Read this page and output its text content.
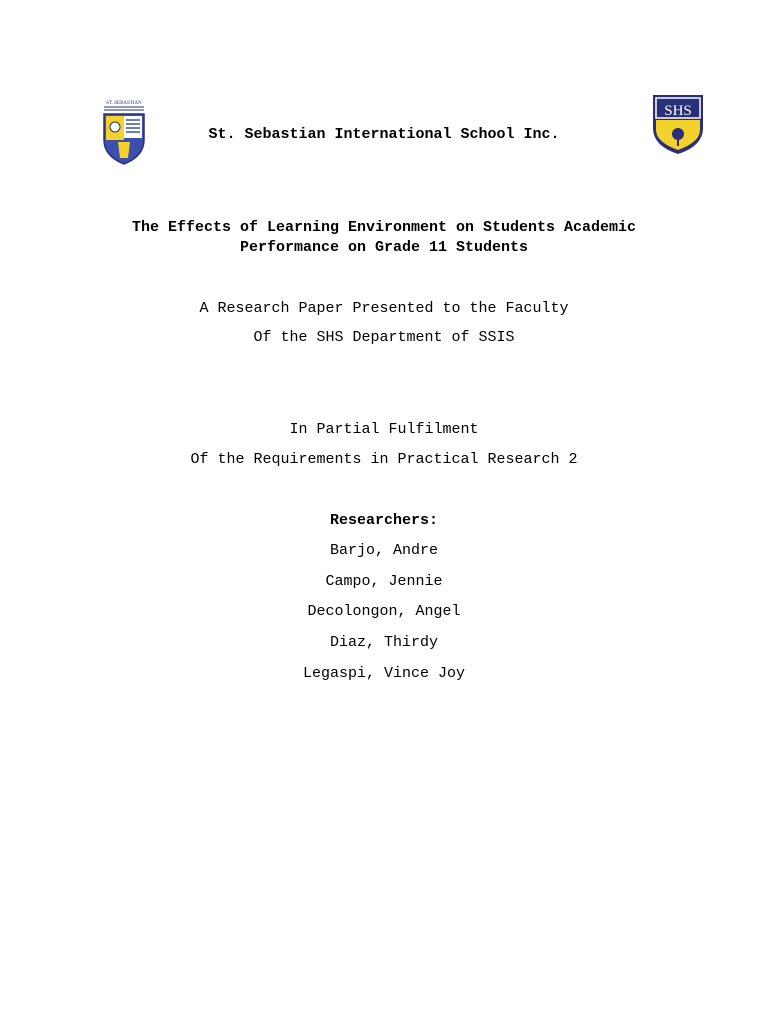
ST. SEBASTIAN
St. Sebastian International School Inc.
SHS
The Effects of Learning Environment on Students Academic Performance on Grade 11 Students
A Research Paper Presented to the Faculty
Of the SHS Department of SSIS
In Partial Fulfilment
Of the Requirements in Practical Research 2
Researchers:
Barjo, Andre
Campo, Jennie
Decolongon, Angel
Diaz, Thirdy
Legaspi, Vince Joy
